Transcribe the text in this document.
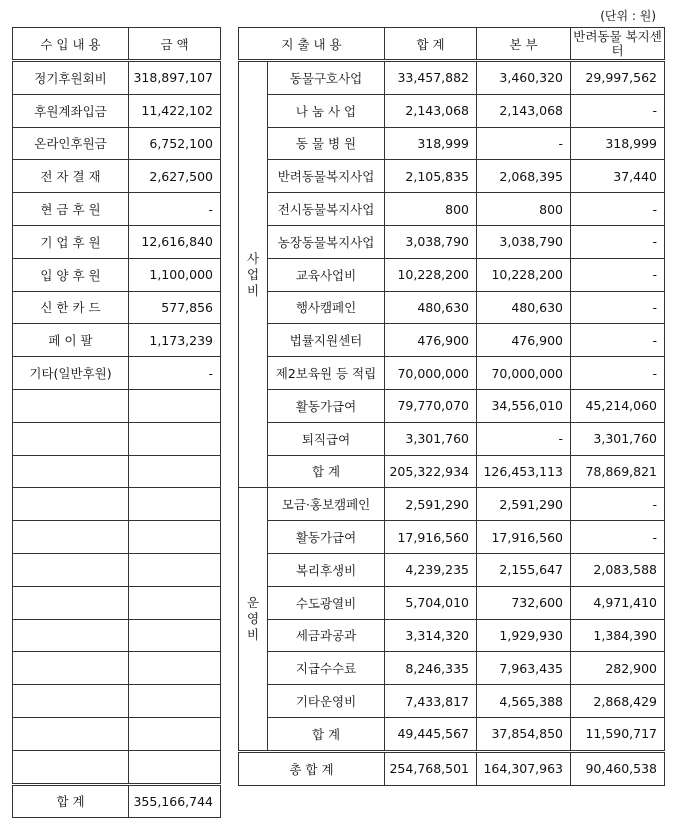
(단위 : 원)
수 입 내 용	금 액
정기후원회비	318,897,107
후원계좌입금	11,422,102
온라인후원금	6,752,100
전 자 결 재	2,627,500
현 금 후 원	-
기 업 후 원	12,616,840
입 양 후 원	1,100,000
신 한 카 드	577,856
페 이 팔	1,173,239
기타(일반후원)	-

합 계	355,166,744
지 출 내 용		합 계	본 부	반려동물 복지센터
사업비	동물구호사업	33,457,882	3,460,320	29,997,562
	나 눔 사 업	2,143,068	2,143,068	-
	동 물 병 원	318,999	-	318,999
	반려동물복지사업	2,105,835	2,068,395	37,440
	전시동물복지사업	800	800	-
	농장동물복지사업	3,038,790	3,038,790	-
	교육사업비	10,228,200	10,228,200	-
	행사캠페인	480,630	480,630	-
	법률지원센터	476,900	476,900	-
	제2보육원 등 적립	70,000,000	70,000,000	-
	활동가급여	79,770,070	34,556,010	45,214,060
	퇴직급여	3,301,760	-	3,301,760
	합 계	205,322,934	126,453,113	78,869,821
운영비	모금·홍보캠페인	2,591,290	2,591,290	-
	활동가급여	17,916,560	17,916,560	-
	복리후생비	4,239,235	2,155,647	2,083,588
	수도광열비	5,704,010	732,600	4,971,410
	세금과공과	3,314,320	1,929,930	1,384,390
	지급수수료	8,246,335	7,963,435	282,900
	기타운영비	7,433,817	4,565,388	2,868,429
	합 계	49,445,567	37,854,850	11,590,717
총 합 계		254,768,501	164,307,963	90,460,538
